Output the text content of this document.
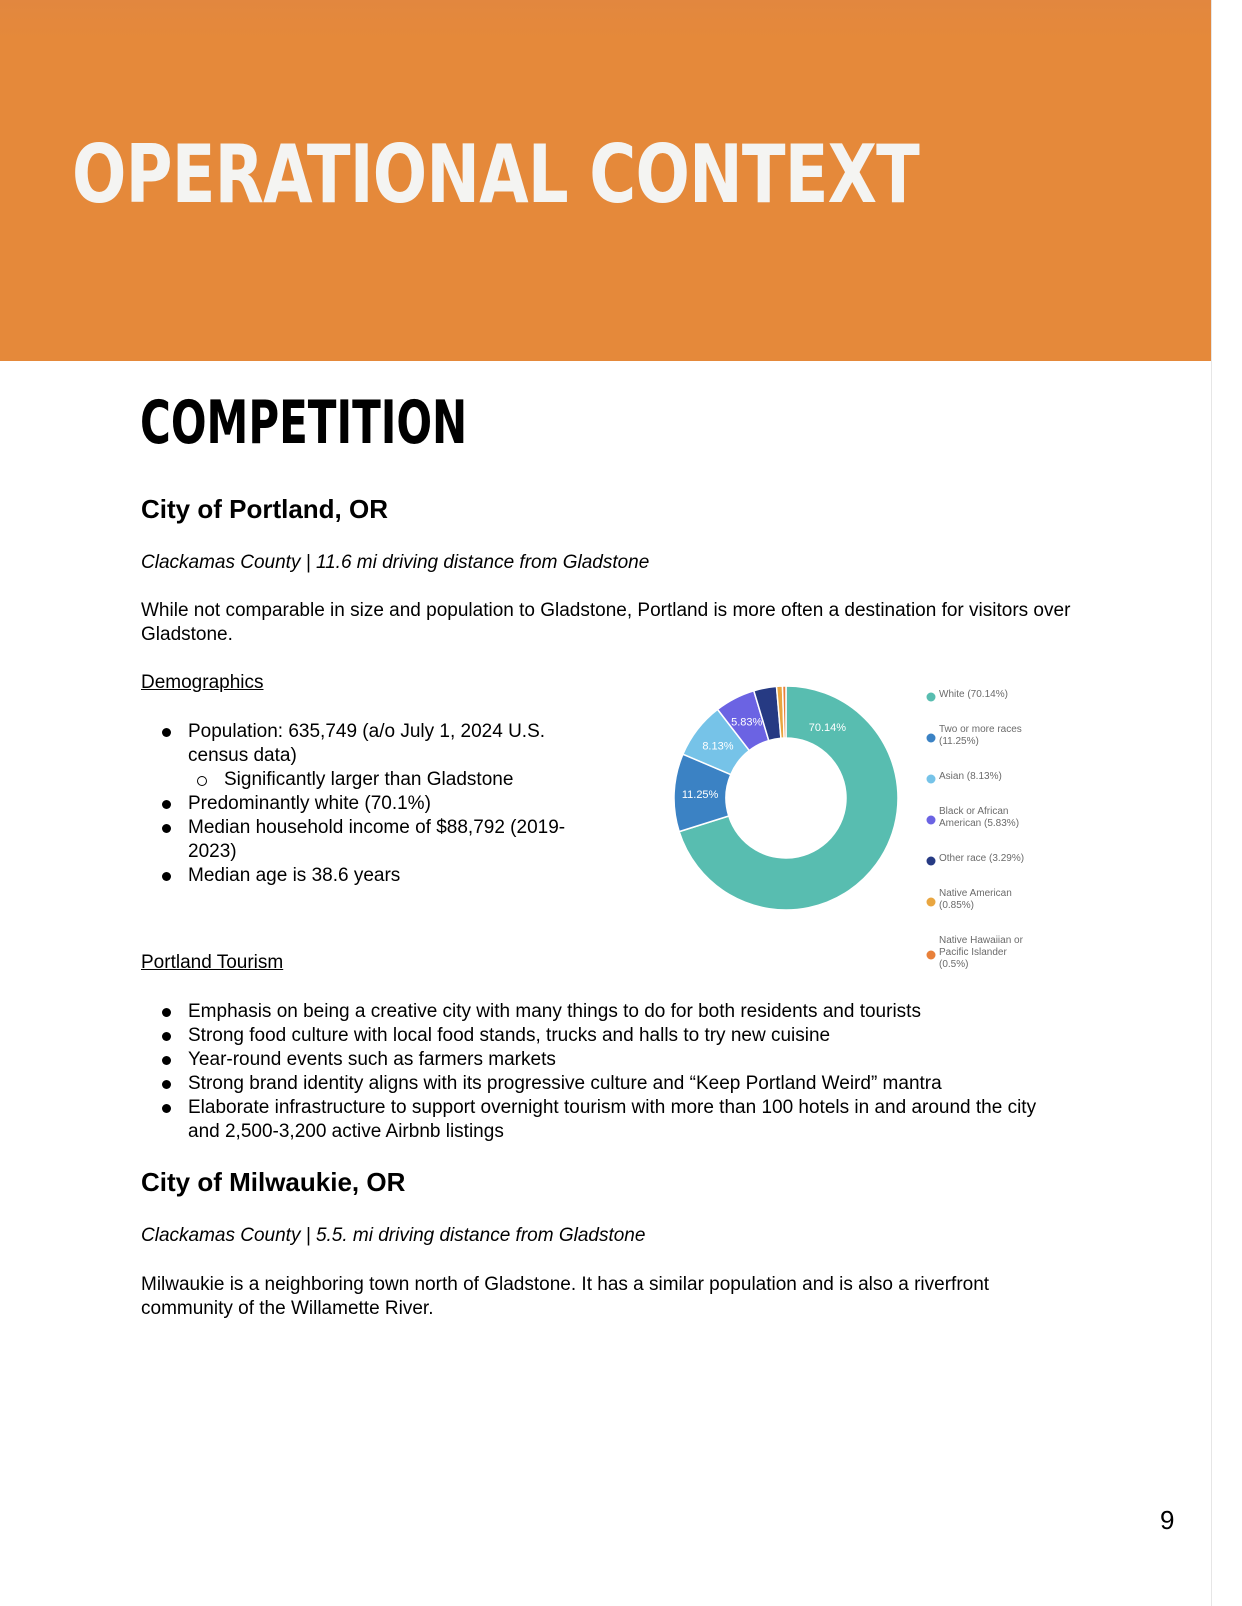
OPERATIONAL CONTEXT
COMPETITION
City of Portland, OR

Clackamas County | 11.6 mi driving distance from Gladstone

While not comparable in size and population to Gladstone, Portland is more often a destination for visitors over Gladstone.

Demographics

Population: 635,749 (a/o July 1, 2024 U.S. census data)
Significantly larger than Gladstone
Predominantly white (70.1%)
Median household income of $88,792 (2019-2023)
Median age is 38.6 years
70.14%
11.25%
8.13%
5.83%
White (70.14%)
Two or more races
(11.25%)
Asian (8.13%)
Black or African
American (5.83%)
Other race (3.29%)
Native American
(0.85%)
Native Hawaiian or
Pacific Islander
(0.5%)

Portland Tourism

Emphasis on being a creative city with many things to do for both residents and tourists
Strong food culture with local food stands, trucks and halls to try new cuisine
Year-round events such as farmers markets
Strong brand identity aligns with its progressive culture and “Keep Portland Weird” mantra
Elaborate infrastructure to support overnight tourism with more than 100 hotels in and around the city and 2,500-3,200 active Airbnb listings
City of Milwaukie, OR

Clackamas County | 5.5. mi driving distance from Gladstone

Milwaukie is a neighboring town north of Gladstone. It has a similar population and is also a riverfront community of the Willamette River.

9
